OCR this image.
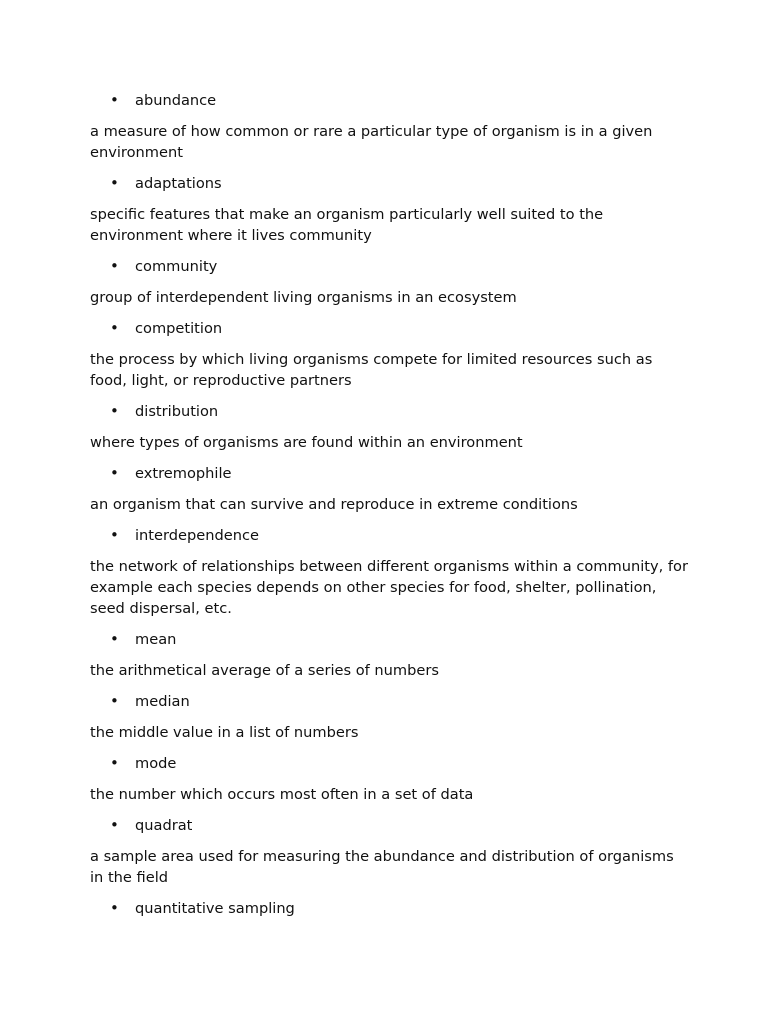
•	abundance

a measure of how common or rare a particular type of organism is in a given environment

•	adaptations

specific features that make an organism particularly well suited to the environment where it lives community

•	community

group of interdependent living organisms in an ecosystem

•	competition

the process by which living organisms compete for limited resources such as food, light, or reproductive partners

•	distribution

where types of organisms are found within an environment

•	extremophile

an organism that can survive and reproduce in extreme conditions

•	interdependence

the network of relationships between different organisms within a community, for example each species depends on other species for food, shelter, pollination, seed dispersal, etc.

•	mean

the arithmetical average of a series of numbers

•	median

the middle value in a list of numbers

•	mode

the number which occurs most often in a set of data

•	quadrat

a sample area used for measuring the abundance and distribution of organisms in the field

•	quantitative sampling
